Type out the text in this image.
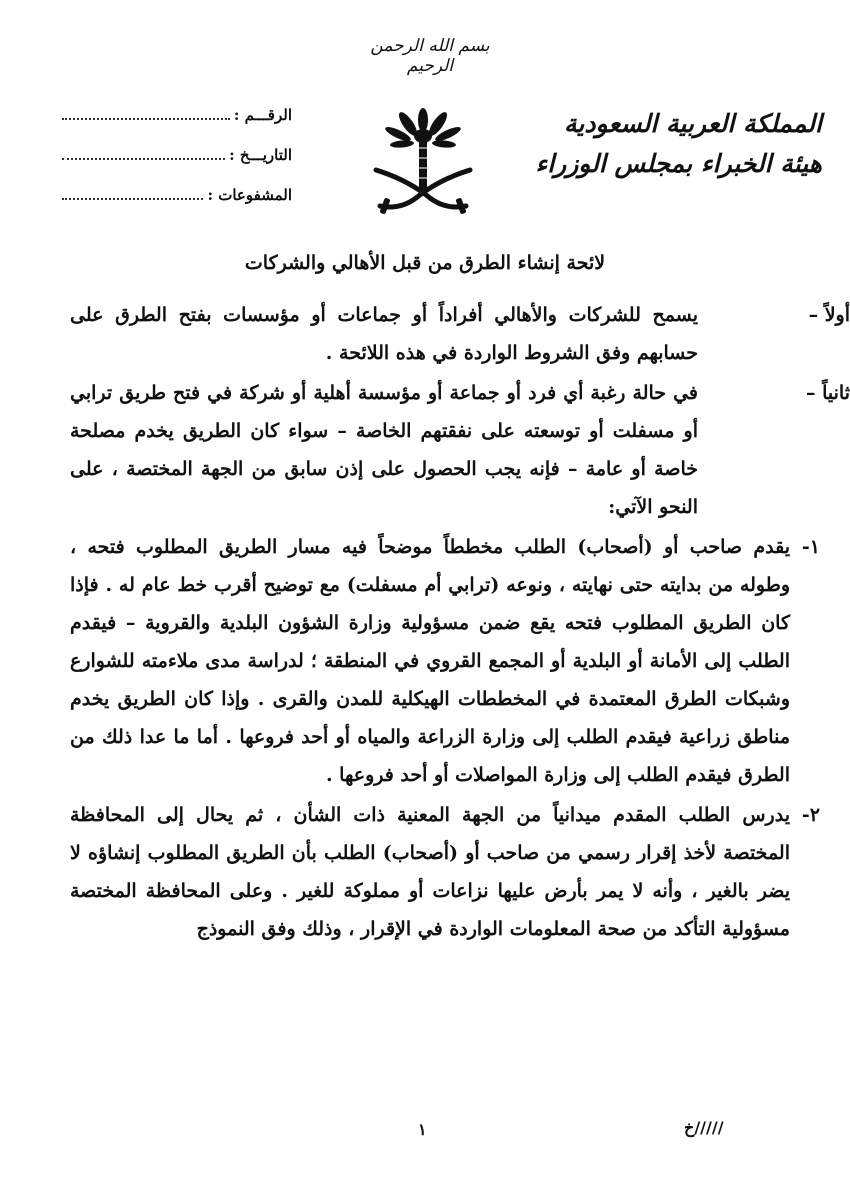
بسم الله الرحمن الرحيم
المملكة العربية السعودية
هيئة الخبراء بمجلس الوزراء
الرقـــم :
التاريـــخ :
المشفوعات :
لائحة إنشاء الطرق من قبل الأهالي والشركات
أولاً –
يسمح للشركات والأهالي أفراداً أو جماعات أو مؤسسات بفتح الطرق على حسابهم وفق الشروط الواردة في هذه اللائحة .
ثانياً –
في حالة رغبة أي فرد أو جماعة أو مؤسسة أهلية أو شركة في فتح طريق ترابي أو مسفلت أو توسعته على نفقتهم الخاصة – سواء كان الطريق يخدم مصلحة خاصة أو عامة – فإنه يجب الحصول على إذن سابق من الجهة المختصة ، على النحو الآتي:
١-
يقدم صاحب أو (أصحاب) الطلب مخططاً موضحاً فيه مسار الطريق المطلوب فتحه ، وطوله من بدايته حتى نهايته ، ونوعه (ترابي أم مسفلت) مع توضيح أقرب خط عام له . فإذا كان الطريق المطلوب فتحه يقع ضمن مسؤولية وزارة الشؤون البلدية والقروية – فيقدم الطلب إلى الأمانة أو البلدية أو المجمع القروي في المنطقة ؛ لدراسة مدى ملاءمته للشوارع وشبكات الطرق المعتمدة في المخططات الهيكلية للمدن والقرى . وإذا كان الطريق يخدم مناطق زراعية فيقدم الطلب إلى وزارة الزراعة والمياه أو أحد فروعها . أما ما عدا ذلك من الطرق فيقدم الطلب إلى وزارة المواصلات أو أحد فروعها .
٢-
يدرس الطلب المقدم ميدانياً من الجهة المعنية ذات الشأن ، ثم يحال إلى المحافظة المختصة لأخذ إقرار رسمي من صاحب أو (أصحاب) الطلب بأن الطريق المطلوب إنشاؤه لا يضر بالغير ، وأنه لا يمر بأرض عليها نزاعات أو مملوكة للغير . وعلى المحافظة المختصة مسؤولية التأكد من صحة المعلومات الواردة في الإقرار ، وذلك وفق النموذج
١	/////خ
